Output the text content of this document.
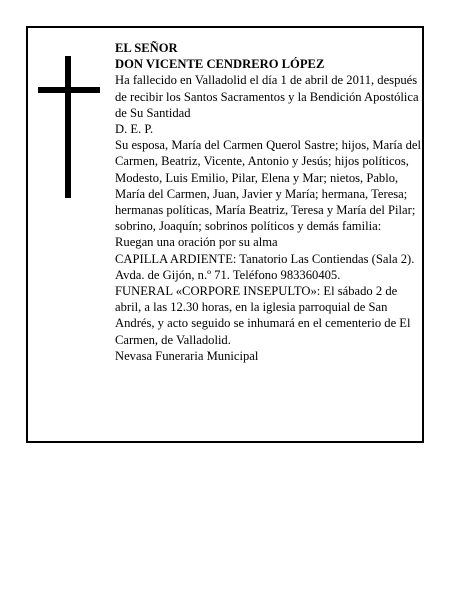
EL SEÑOR

DON VICENTE CENDRERO LÓPEZ

Ha fallecido en Valladolid el día 1 de abril de 2011, después de recibir los Santos Sacramentos y la Bendición Apostólica de Su Santidad

D. E. P.

Su esposa, María del Carmen Querol Sastre; hijos, María del Carmen, Beatriz, Vicente, Antonio y Jesús; hijos políticos, Modesto, Luis Emilio, Pilar, Elena y Mar; nietos, Pablo, María del Carmen, Juan, Javier y María; hermana, Teresa; hermanas políticas, María Beatriz, Teresa y María del Pilar; sobrino, Joaquín; sobrinos políticos y demás familia:

Ruegan una oración por su alma

CAPILLA ARDIENTE: Tanatorio Las Contiendas (Sala 2). Avda. de Gijón, n.º 71. Teléfono 983360405.

FUNERAL «CORPORE INSEPULTO»: El sábado 2 de abril, a las 12.30 horas, en la iglesia parroquial de San Andrés, y acto seguido se inhumará en el cementerio de El Carmen, de Valladolid.

Nevasa Funeraria Municipal
